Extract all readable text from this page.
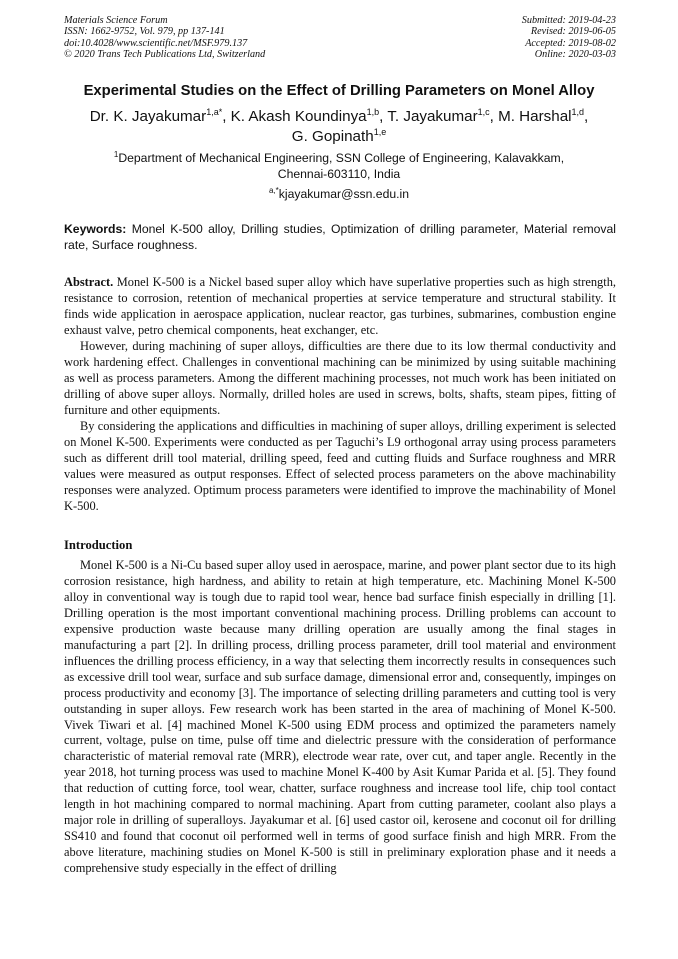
Materials Science Forum
ISSN: 1662-9752, Vol. 979, pp 137-141
doi:10.4028/www.scientific.net/MSF.979.137
© 2020 Trans Tech Publications Ltd, Switzerland
Submitted: 2019-04-23
Revised: 2019-06-05
Accepted: 2019-08-02
Online: 2020-03-03
Experimental Studies on the Effect of Drilling Parameters on Monel Alloy
Dr. K. Jayakumar$^{1,a*}$, K. Akash Koundinya$^{1,b}$, T. Jayakumar$^{1,c}$, M. Harshal$^{1,d}$,
G. Gopinath$^{1,e}$
$^1$Department of Mechanical Engineering, SSN College of Engineering, Kalavakkam,
Chennai-603110, India
$^{a,*}$kjayakumar@ssn.edu.in
Keywords: Monel K-500 alloy, Drilling studies, Optimization of drilling parameter, Material removal rate, Surface roughness.
Abstract. Monel K-500 is a Nickel based super alloy which have superlative properties such as high strength, resistance to corrosion, retention of mechanical properties at service temperature and structural stability. It finds wide application in aerospace application, nuclear reactor, gas turbines, submarines, combustion engine exhaust valve, petro chemical components, heat exchanger, etc.
However, during machining of super alloys, difficulties are there due to its low thermal conductivity and work hardening effect. Challenges in conventional machining can be minimized by using suitable machining as well as process parameters. Among the different machining processes, not much work has been initiated on drilling of above super alloys. Normally, drilled holes are used in screws, bolts, shafts, steam pipes, fitting of furniture and other equipments.
By considering the applications and difficulties in machining of super alloys, drilling experiment is selected on Monel K-500. Experiments were conducted as per Taguchi’s L9 orthogonal array using process parameters such as different drill tool material, drilling speed, feed and cutting fluids and Surface roughness and MRR values were measured as output responses. Effect of selected process parameters on the above machinability responses were analyzed. Optimum process parameters were identified to improve the machinability of Monel K-500.
Introduction
Monel K-500 is a Ni-Cu based super alloy used in aerospace, marine, and power plant sector due to its high corrosion resistance, high hardness, and ability to retain at high temperature, etc. Machining Monel K-500 alloy in conventional way is tough due to rapid tool wear, hence bad surface finish especially in drilling [1]. Drilling operation is the most important conventional machining process. Drilling problems can account to expensive production waste because many drilling operation are usually among the final stages in manufacturing a part [2]. In drilling process, drilling process parameter, drill tool material and environment influences the drilling process efficiency, in a way that selecting them incorrectly results in consequences such as excessive drill tool wear, surface and sub surface damage, dimensional error and, consequently, impinges on process productivity and economy [3]. The importance of selecting drilling parameters and cutting tool is very outstanding in super alloys. Few research work has been started in the area of machining of Monel K-500. Vivek Tiwari et al. [4] machined Monel K-500 using EDM process and optimized the parameters namely current, voltage, pulse on time, pulse off time and dielectric pressure with the consideration of performance characteristic of material removal rate (MRR), electrode wear rate, over cut, and taper angle. Recently in the year 2018, hot turning process was used to machine Monel K-400 by Asit Kumar Parida et al. [5]. They found that reduction of cutting force, tool wear, chatter, surface roughness and increase tool life, chip tool contact length in hot machining compared to normal machining. Apart from cutting parameter, coolant also plays a major role in drilling of superalloys. Jayakumar et al. [6] used castor oil, kerosene and coconut oil for drilling SS410 and found that coconut oil performed well in terms of good surface finish and high MRR. From the above literature, machining studies on Monel K-500 is still in preliminary exploration phase and it needs a comprehensive study especially in the effect of drilling
